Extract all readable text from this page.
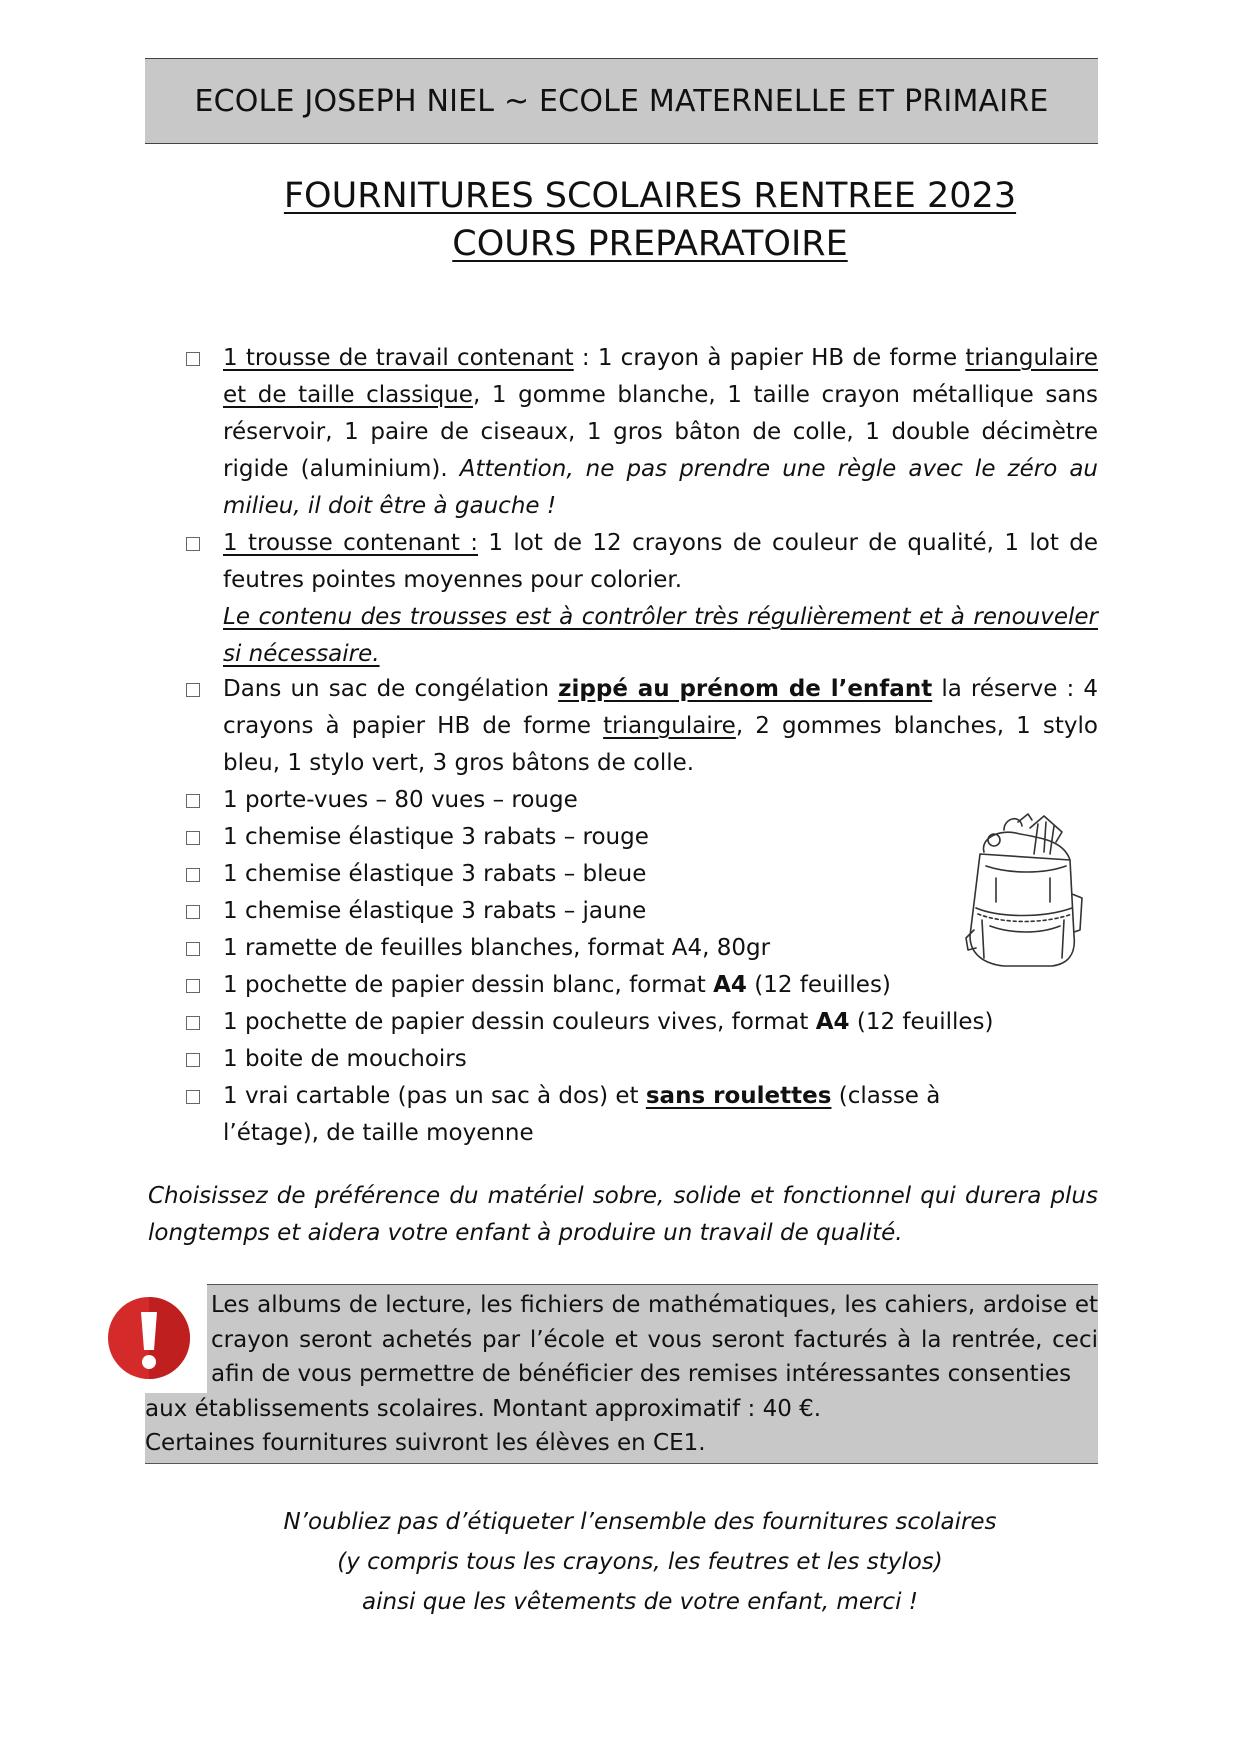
ECOLE JOSEPH NIEL ~ ECOLE MATERNELLE ET PRIMAIRE
FOURNITURES SCOLAIRES RENTREE 2023
COURS PREPARATOIRE
1 trousse de travail contenant : 1 crayon à papier HB de forme triangulaire et de taille classique, 1 gomme blanche, 1 taille crayon métallique sans réservoir, 1 paire de ciseaux, 1 gros bâton de colle, 1 double décimètre rigide (aluminium). Attention, ne pas prendre une règle avec le zéro au milieu, il doit être à gauche !
1 trousse contenant : 1 lot de 12 crayons de couleur de qualité, 1 lot de feutres pointes moyennes pour colorier.
Le contenu des trousses est à contrôler très régulièrement et à renouveler si nécessaire.
Dans un sac de congélation zippé au prénom de l’enfant la réserve : 4 crayons à papier HB de forme triangulaire, 2 gommes blanches, 1 stylo bleu, 1 stylo vert, 3 gros bâtons de colle.
1 porte-vues – 80 vues – rouge
1 chemise élastique 3 rabats – rouge
1 chemise élastique 3 rabats – bleue
1 chemise élastique 3 rabats – jaune
1 ramette de feuilles blanches, format A4, 80gr
1 pochette de papier dessin blanc, format A4 (12 feuilles)
1 pochette de papier dessin couleurs vives, format A4 (12 feuilles)
1 boite de mouchoirs
1 vrai cartable (pas un sac à dos) et sans roulettes (classe à l’étage), de taille moyenne
Choisissez de préférence du matériel sobre, solide et fonctionnel qui durera plus longtemps et aidera votre enfant à produire un travail de qualité.
Les albums de lecture, les fichiers de mathématiques, les cahiers, ardoise et crayon seront achetés par l’école et vous seront facturés à la rentrée, ceci afin de vous permettre de bénéficier des remises intéressantes consenties
aux établissements scolaires. Montant approximatif : 40 €.
Certaines fournitures suivront les élèves en CE1.
N’oubliez pas d’étiqueter l’ensemble des fournitures scolaires
(y compris tous les crayons, les feutres et les stylos)
ainsi que les vêtements de votre enfant, merci !
